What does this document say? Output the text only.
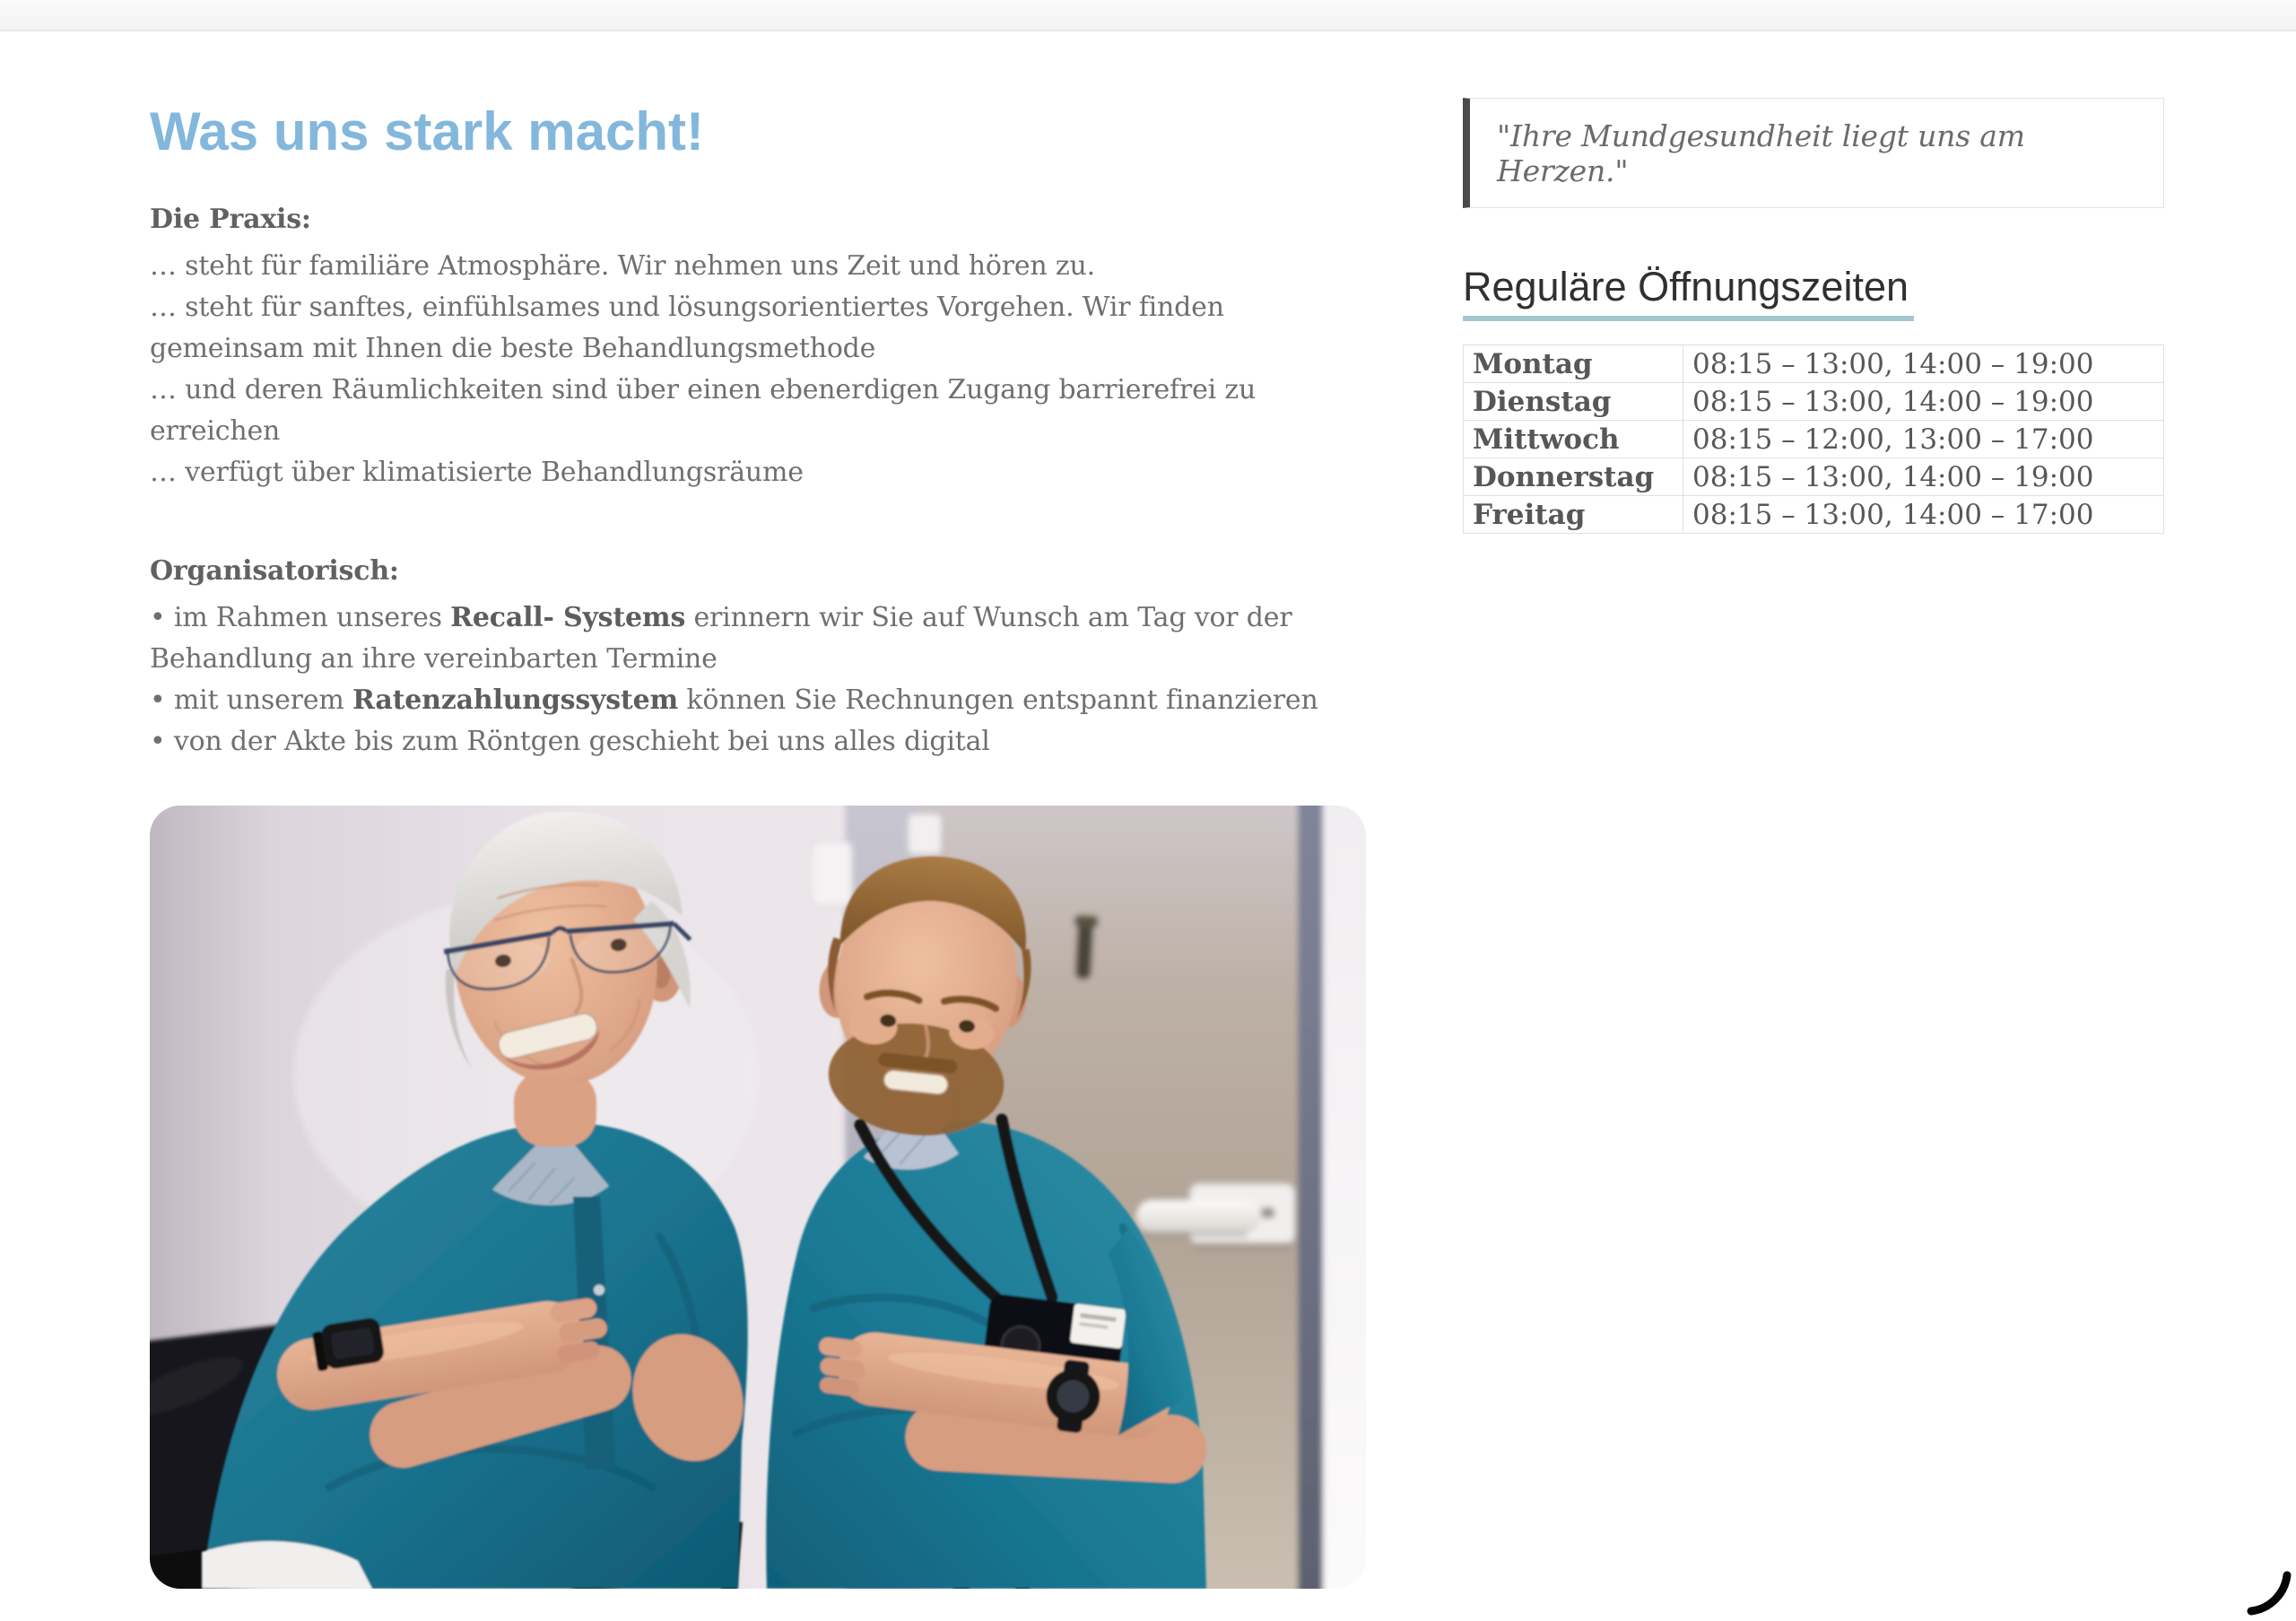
Was uns stark macht!
Die Praxis:
… steht für familiäre Atmosphäre. Wir nehmen uns Zeit und hören zu.
… steht für sanftes, einfühlsames und lösungsorientiertes Vorgehen. Wir finden gemeinsam mit Ihnen die beste Behandlungsmethode
… und deren Räumlichkeiten sind über einen ebenerdigen Zugang barrierefrei zu erreichen
… verfügt über klimatisierte Behandlungsräume
Organisatorisch:
• im Rahmen unseres Recall- Systems erinnern wir Sie auf Wunsch am Tag vor der Behandlung an ihre vereinbarten Termine
• mit unserem Ratenzahlungssystem können Sie Rechnungen entspannt finanzieren
• von der Akte bis zum Röntgen geschieht bei uns alles digital
"Ihre Mundgesundheit liegt uns am Herzen."
Reguläre Öffnungszeiten
Montag	08:15 – 13:00, 14:00 – 19:00
Dienstag	08:15 – 13:00, 14:00 – 19:00
Mittwoch	08:15 – 12:00, 13:00 – 17:00
Donnerstag	08:15 – 13:00, 14:00 – 19:00
Freitag	08:15 – 13:00, 14:00 – 17:00
